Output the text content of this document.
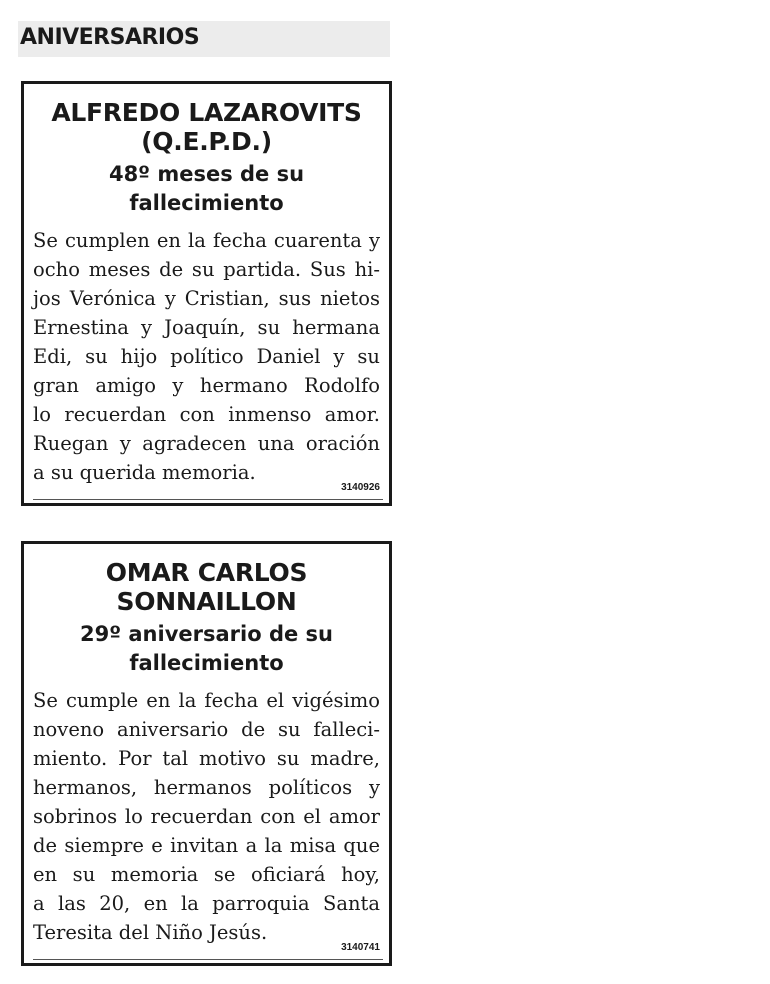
ANIVERSARIOS
ALFREDO LAZAROVITS
(Q.E.P.D.)
48º meses de su
fallecimiento
Se cumplen en la fecha cuarenta y
ocho meses de su partida. Sus hi-
jos Verónica y Cristian, sus nietos
Ernestina y Joaquín, su hermana
Edi, su hijo político Daniel y su
gran amigo y hermano Rodolfo
lo recuerdan con inmenso amor.
Ruegan y agradecen una oración
a su querida memoria.
3140926
OMAR CARLOS
SONNAILLON
29º aniversario de su
fallecimiento
Se cumple en la fecha el vigésimo
noveno aniversario de su falleci-
miento. Por tal motivo su madre,
hermanos, hermanos políticos y
sobrinos lo recuerdan con el amor
de siempre e invitan a la misa que
en su memoria se oficiará hoy,
a las 20, en la parroquia Santa
Teresita del Niño Jesús.
3140741
